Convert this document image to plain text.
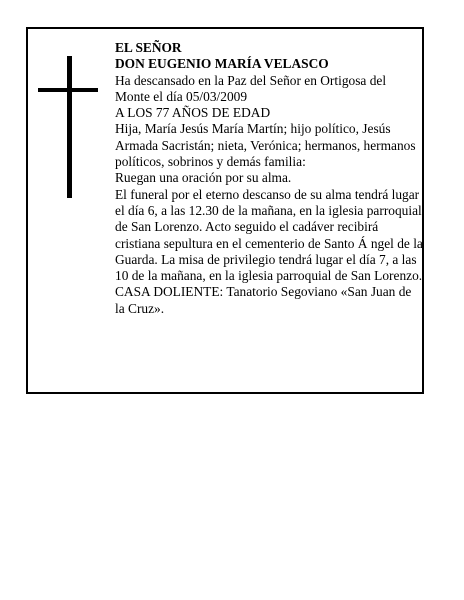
EL SEÑOR

DON EUGENIO MARÍA VELASCO

Ha descansado en la Paz del Señor en Ortigosa del Monte el día 05/03/2009

A LOS 77 AÑOS DE EDAD

Hija, María Jesús María Martín; hijo político, Jesús Armada Sacristán; nieta, Verónica; hermanos, hermanos políticos, sobrinos y demás familia:

Ruegan una oración por su alma.

El funeral por el eterno descanso de su alma tendrá lugar el día 6, a las 12.30 de la mañana, en la iglesia parroquial de San Lorenzo. Acto seguido el cadáver recibirá cristiana sepultura en el cementerio de Santo Á ngel de la Guarda. La misa de privilegio tendrá lugar el día 7, a las 10 de la mañana, en la iglesia parroquial de San Lorenzo.

CASA DOLIENTE: Tanatorio Segoviano «San Juan de la Cruz».
